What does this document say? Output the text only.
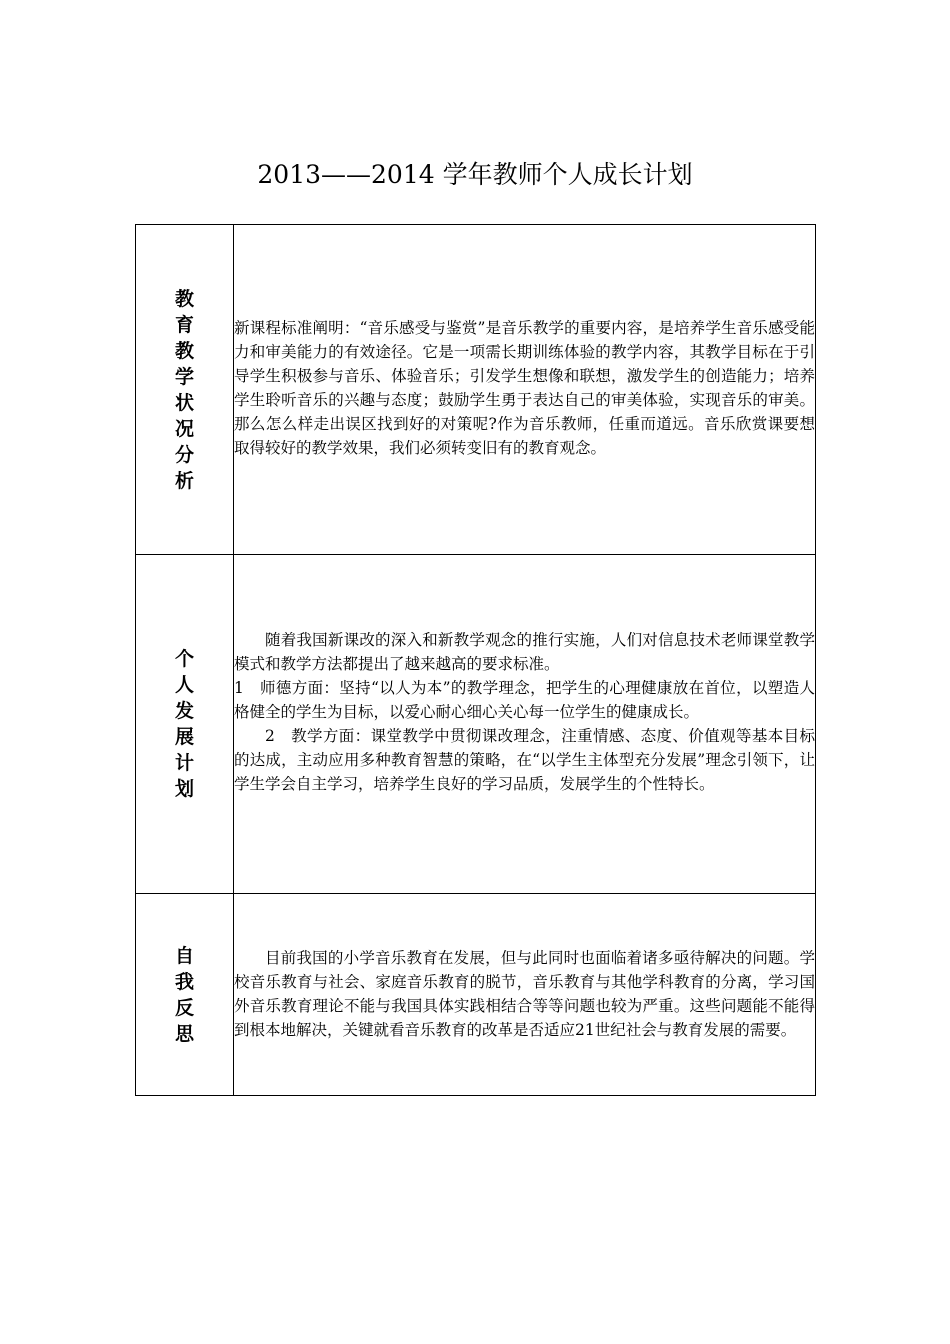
2013——2014 学年教师个人成长计划
教育教学状况分析	新课程标准阐明：“音乐感受与鉴赏”是音乐教学的重要内容，是培养学生音乐感受能力和审美能力的有效途径。它是一项需长期训练体验的教学内容，其教学目标在于引导学生积极参与音乐、体验音乐；引发学生想像和联想，激发学生的创造能力；培养学生聆听音乐的兴趣与态度；鼓励学生勇于表达自己的审美体验，实现音乐的审美。那么怎么样走出误区找到好的对策呢?作为音乐教师，任重而道远。音乐欣赏课要想取得较好的教学效果，我们必须转变旧有的教育观念。

个人发展计划	随着我国新课改的深入和新教学观念的推行实施，人们对信息技术老师课堂教学模式和教学方法都提出了越来越高的要求标准。

1　师德方面：坚持“以人为本”的教学理念，把学生的心理健康放在首位，以塑造人格健全的学生为目标，以爱心耐心细心关心每一位学生的健康成长。

2　教学方面：课堂教学中贯彻课改理念，注重情感、态度、价值观等基本目标的达成，主动应用多种教育智慧的策略，在“以学生主体型充分发展”理念引领下，让学生学会自主学习，培养学生良好的学习品质，发展学生的个性特长。

自我反思	目前我国的小学音乐教育在发展，但与此同时也面临着诸多亟待解决的问题。学校音乐教育与社会、家庭音乐教育的脱节，音乐教育与其他学科教育的分离，学习国外音乐教育理论不能与我国具体实践相结合等等问题也较为严重。这些问题能不能得到根本地解决，关键就看音乐教育的改革是否适应21世纪社会与教育发展的需要。
